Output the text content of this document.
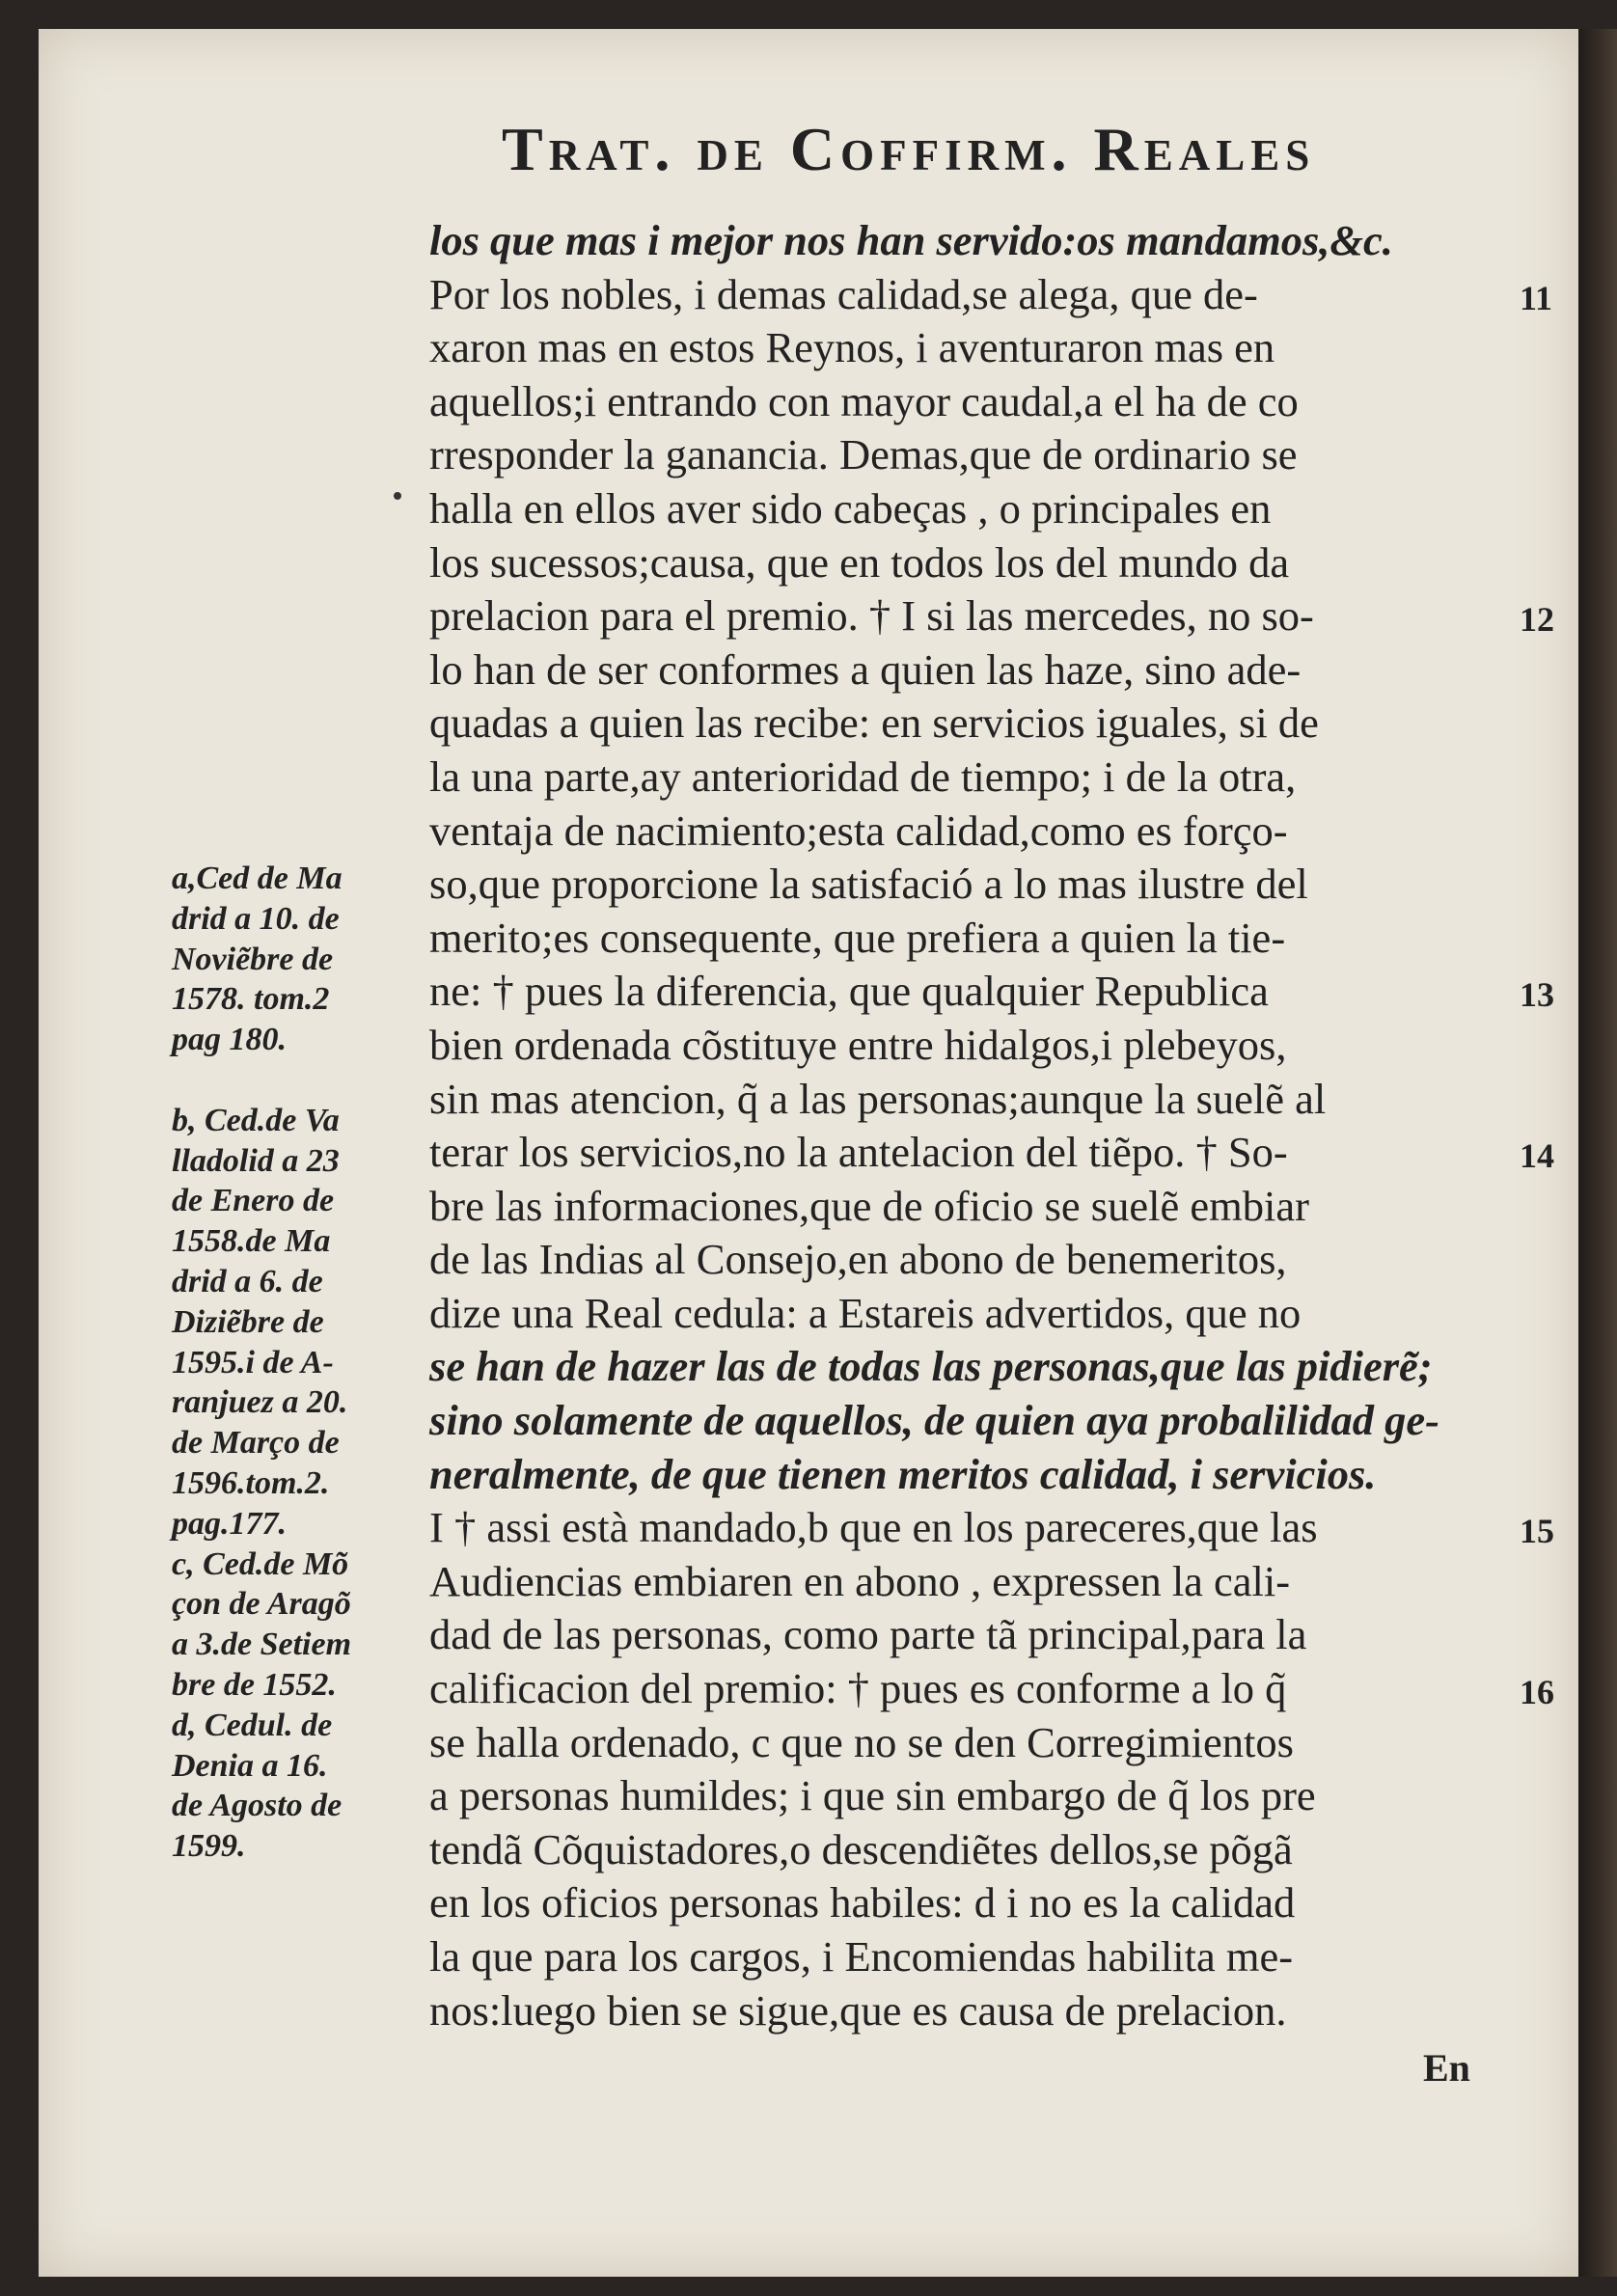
Trat. de Coffirm. Reales
los que mas i mejor nos han servido:os mandamos,&c.
Por los nobles, i demas calidad,se alega, que de-
xaron mas en estos Reynos, i aventuraron mas en
aquellos;i entrando con mayor caudal,a el ha de co
rresponder la ganancia. Demas,que de ordinario se
halla en ellos aver sido cabeças , o principales en
los sucessos;causa, que en todos los del mundo da
prelacion para el premio. † I si las mercedes, no so-
lo han de ser conformes a quien las haze, sino ade-
quadas a quien las recibe: en servicios iguales, si de
la una parte,ay anterioridad de tiempo; i de la otra,
ventaja de nacimiento;esta calidad,como es forço-
so,que proporcione la satisfació a lo mas ilustre del
merito;es consequente, que prefiera a quien la tie-
ne: † pues la diferencia, que qualquier Republica
bien ordenada cõstituye entre hidalgos,i plebeyos,
sin mas atencion, q̃ a las personas;aunque la suelẽ al
terar los servicios,no la antelacion del tiẽpo. † So-
bre las informaciones,que de oficio se suelẽ embiar
de las Indias al Consejo,en abono de benemeritos,
dize una Real cedula: a Estareis advertidos, que no
se han de hazer las de todas las personas,que las pidierẽ;
sino solamente de aquellos, de quien aya probalilidad ge-
neralmente, de que tienen meritos calidad, i servicios.
I † assi està mandado,b que en los pareceres,que las
Audiencias embiaren en abono , expressen la cali-
dad de las personas, como parte tã principal,para la
calificacion del premio: † pues es conforme a lo q̃
se halla ordenado, c que no se den Corregimientos
a personas humildes; i que sin embargo de q̃ los pre
tendã Cõquistadores,o descendiẽtes dellos,se põgã
en los oficios personas habiles: d i no es la calidad
la que para los cargos, i Encomiendas habilita me-
nos:luego bien se sigue,que es causa de prelacion.
11
12
13
14
15
16
a,Ced de Ma
drid a 10. de
Noviẽbre de
1578. tom.2
pag 180.
b, Ced.de Va
lladolid a 23
de Enero de
1558.de Ma
drid a 6. de
Diziẽbre de
1595.i de A-
ranjuez a 20.
de Março de
1596.tom.2.
pag.177.
c, Ced.de Mõ
çon de Aragõ
a 3.de Setiem
bre de 1552.
d, Cedul. de
Denia a 16.
de Agosto de
1599.
En
